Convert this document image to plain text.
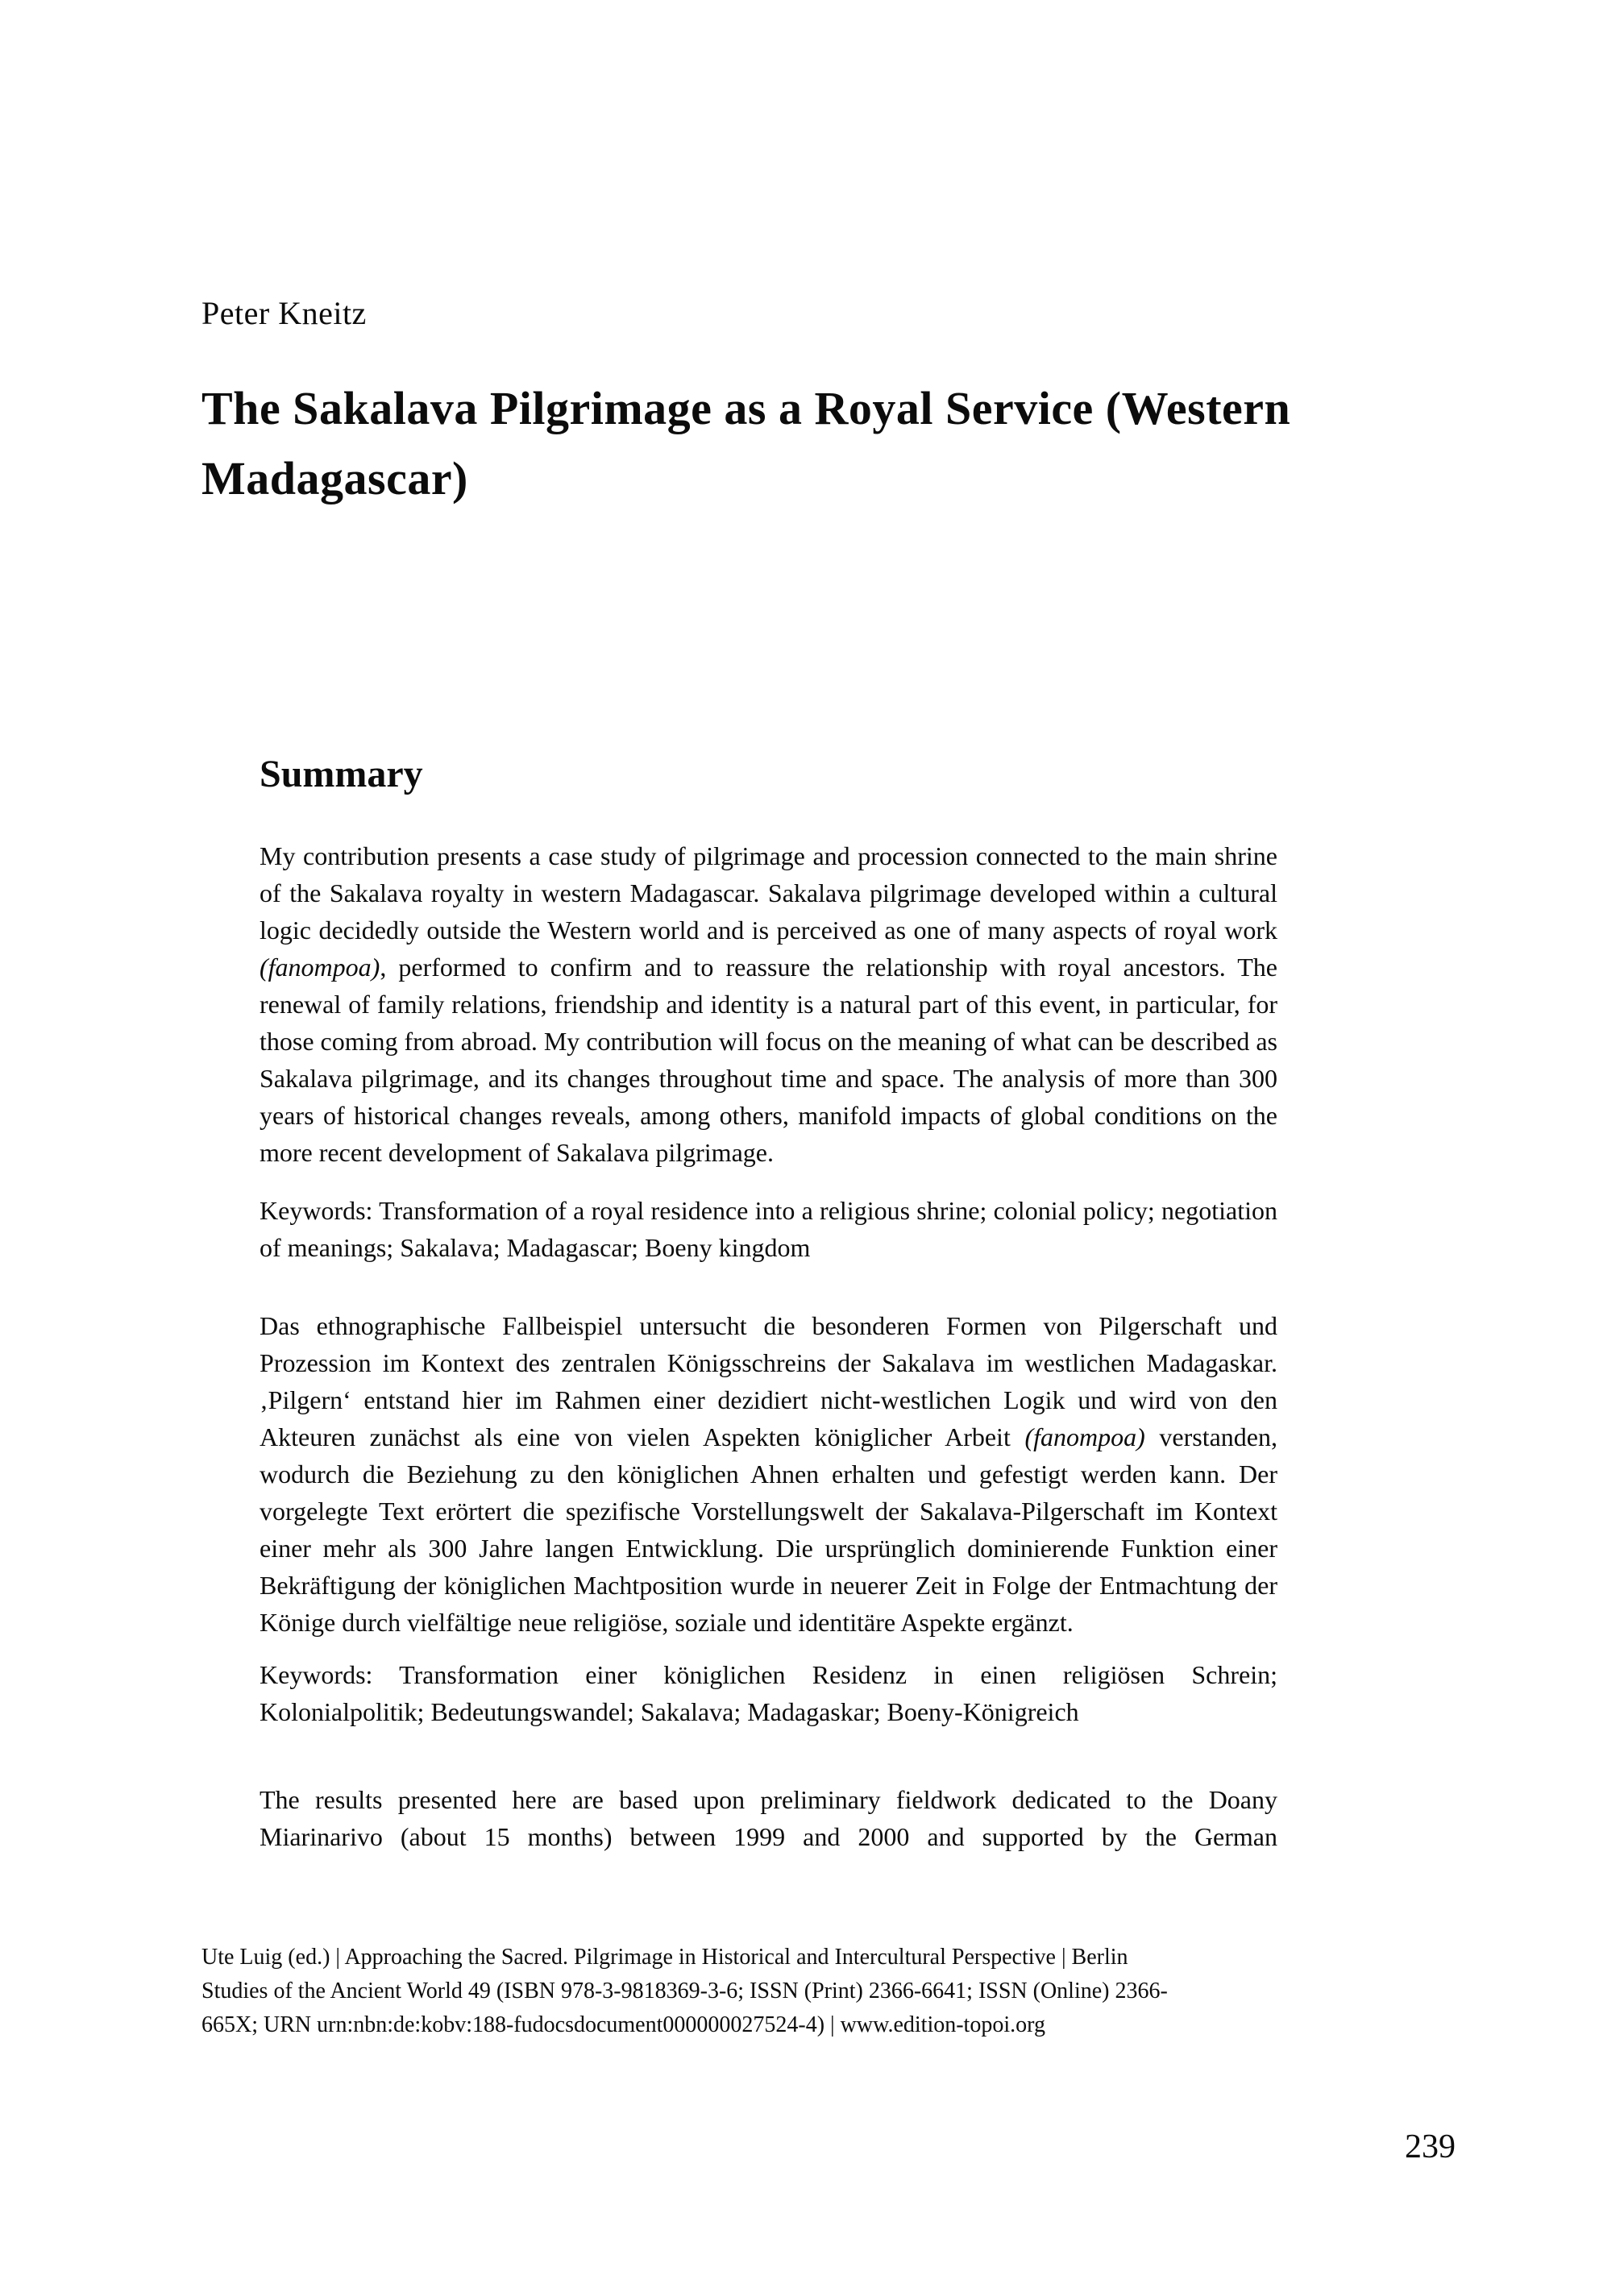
Peter Kneitz
The Sakalava Pilgrimage as a Royal Service (Western
Madagascar)
Summary

My contribution presents a case study of pilgrimage and procession connected to the main shrine of the Sakalava royalty in western Madagascar. Sakalava pilgrimage developed within a cultural logic decidedly outside the Western world and is perceived as one of many aspects of royal work (fanompoa), performed to confirm and to reassure the relationship with royal ancestors. The renewal of family relations, friendship and identity is a natural part of this event, in particular, for those coming from abroad. My contribution will focus on the meaning of what can be described as Sakalava pilgrimage, and its changes throughout time and space. The analysis of more than 300 years of historical changes reveals, among others, manifold impacts of global conditions on the more recent development of Sakalava pilgrimage.

Keywords: Transformation of a royal residence into a religious shrine; colonial policy; negotiation of meanings; Sakalava; Madagascar; Boeny kingdom

Das ethnographische Fallbeispiel untersucht die besonderen Formen von Pilgerschaft und Prozession im Kontext des zentralen Königsschreins der Sakalava im westlichen Madagaskar. ‚Pilgern‘ entstand hier im Rahmen einer dezidiert nicht-westlichen Logik und wird von den Akteuren zunächst als eine von vielen Aspekten königlicher Arbeit (fanompoa) verstanden, wodurch die Beziehung zu den königlichen Ahnen erhalten und gefestigt werden kann. Der vorgelegte Text erörtert die spezifische Vorstellungswelt der Sakalava-Pilgerschaft im Kontext einer mehr als 300 Jahre langen Entwicklung. Die ursprünglich dominierende Funktion einer Bekräftigung der königlichen Machtposition wurde in neuerer Zeit in Folge der Entmachtung der Könige durch vielfältige neue religiöse, soziale und identitäre Aspekte ergänzt.

Keywords: Transformation einer königlichen Residenz in einen religiösen Schrein; Kolonialpolitik; Bedeutungswandel; Sakalava; Madagaskar; Boeny-Königreich

The results presented here are based upon preliminary fieldwork dedicated to the Doany Miarinarivo (about 15 months) between 1999 and 2000 and supported by the German

Ute Luig (ed.) | Approaching the Sacred. Pilgrimage in Historical and Intercultural Perspective | Berlin
Studies of the Ancient World 49 (ISBN 978-3-9818369-3-6; ISSN (Print) 2366-6641; ISSN (Online) 2366-
665X; URN urn:nbn:de:kobv:188-fudocsdocument000000027524-4) | www.edition-topoi.org
239
